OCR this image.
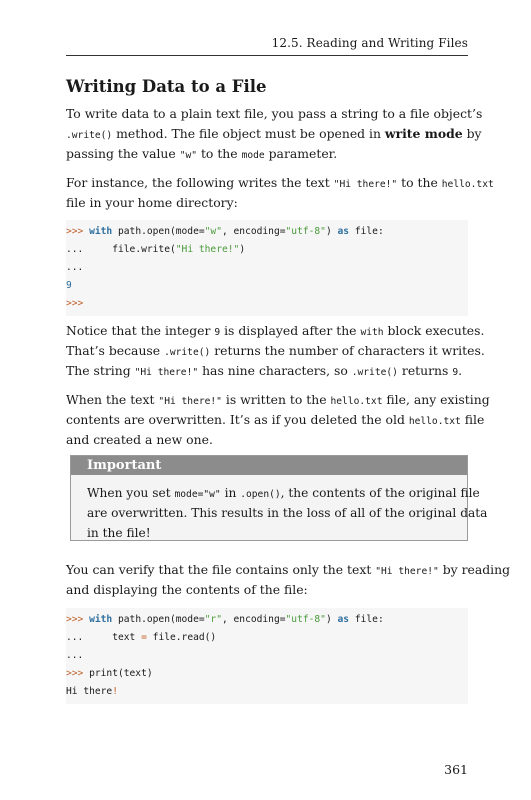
12.5. Reading and Writing Files
Writing Data to a File
To write data to a plain text file, you pass a string to a file object’s
.write() method. The file object must be opened in write mode by
passing the value "w" to the mode parameter.
For instance, the following writes the text "Hi there!" to the hello.txt
file in your home directory:
>>> with path.open(mode="w", encoding="utf-8") as file:
...	file.write("Hi there!")
...
9
>>>
Notice that the integer 9 is displayed after the with block executes.
That’s because .write() returns the number of characters it writes.
The string "Hi there!" has nine characters, so .write() returns 9.
When the text "Hi there!" is written to the hello.txt file, any existing
contents are overwritten. It’s as if you deleted the old hello.txt file
and created a new one.
Important
When you set mode="w" in .open(), the contents of the original file
are overwritten. This results in the loss of all of the original data
in the file!
You can verify that the file contains only the text "Hi there!" by reading
and displaying the contents of the file:
>>> with path.open(mode="r", encoding="utf-8") as file:
...	text = file.read()
...
>>> print(text)
Hi there!
361
